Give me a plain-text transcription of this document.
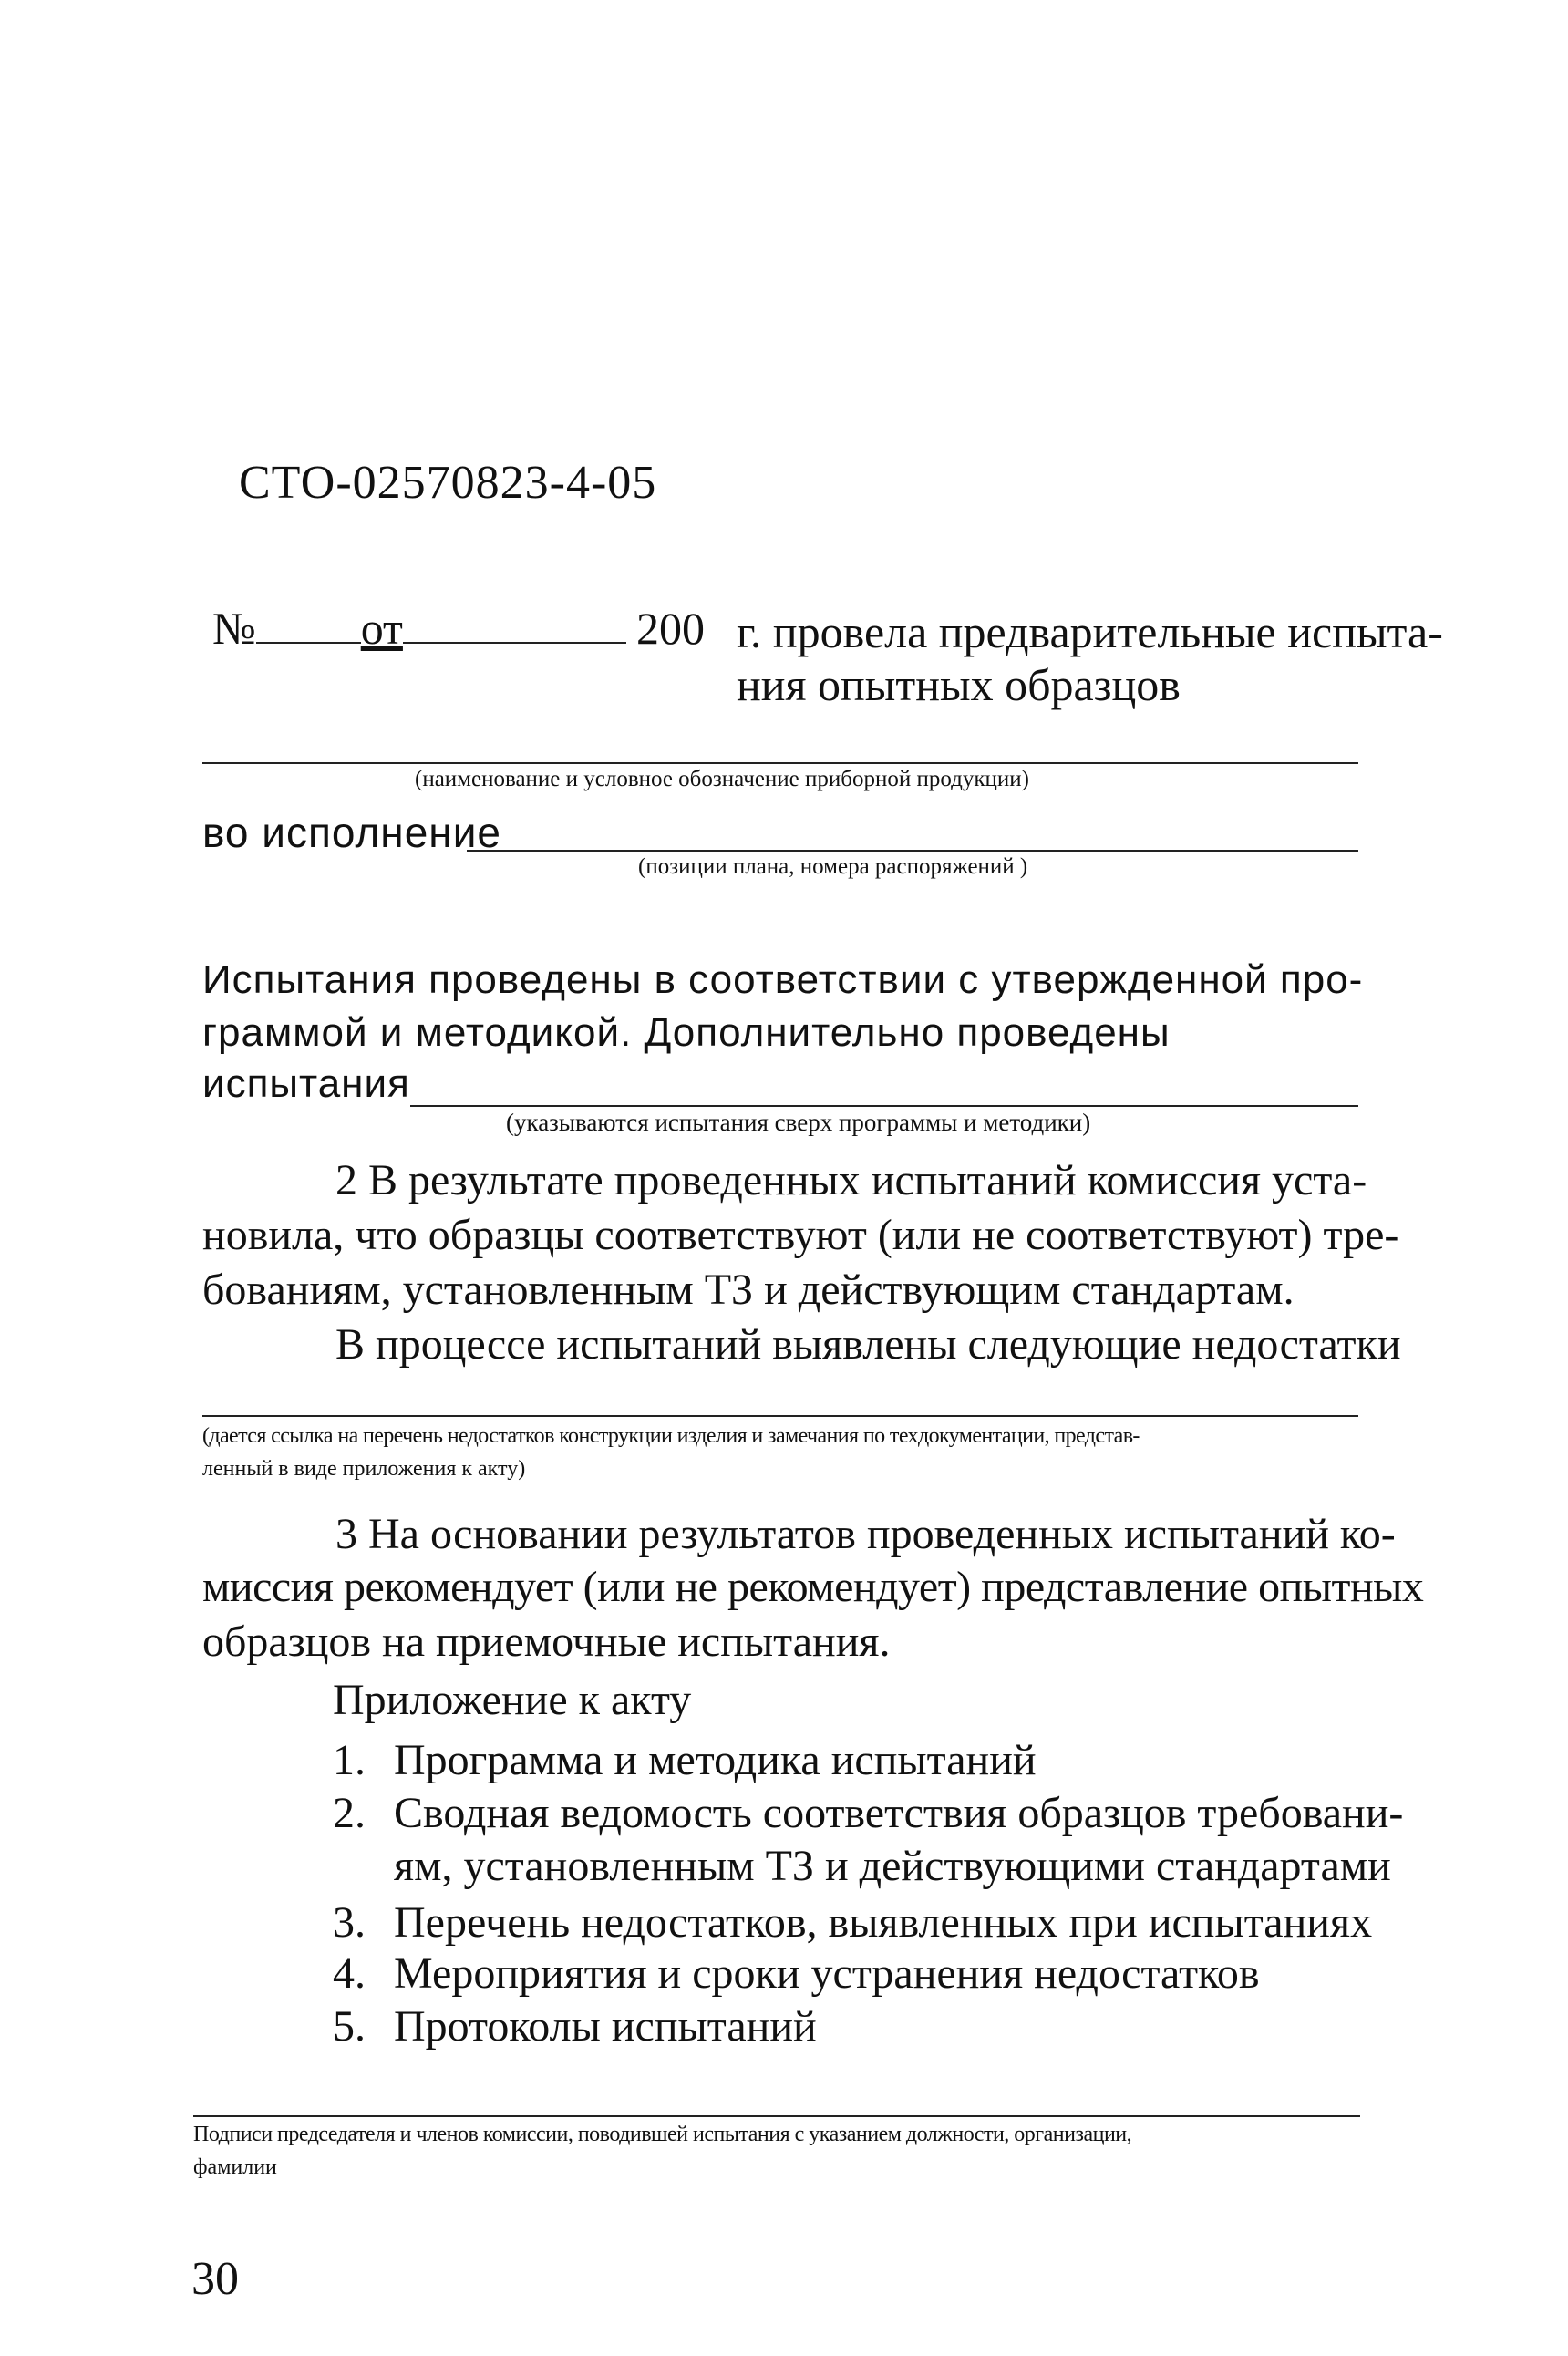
СТО-02570823-4-05
№ от	200 г. провела предварительные испыта-
ния опытных образцов
(наименование и условное обозначение приборной продукции)
во исполнение
(позиции плана, номера распоряжений )
Испытания проведены в соответствии с утвержденной про-
граммой и методикой. Дополнительно проведены
испытания
(указываются испытания сверх программы и методики)
2 В результате проведенных испытаний комиссия уста-
новила, что образцы соответствуют (или не соответствуют) тре-
бованиям, установленным ТЗ и действующим стандартам.
В процессе испытаний выявлены следующие недостатки
(дается ссылка на перечень недостатков конструкции изделия и замечания по техдокументации, представ-
ленный в виде приложения к акту)
3 На основании результатов проведенных испытаний ко-
миссия рекомендует (или не рекомендует) представление опытных
образцов на приемочные испытания.
Приложение к акту
1. Программа и методика испытаний
2. Сводная ведомость соответствия образцов требовани-
ям, установленным ТЗ и действующими стандартами
3. Перечень недостатков, выявленных при испытаниях
4. Мероприятия и сроки устранения недостатков
5. Протоколы испытаний
Подписи председателя и членов комиссии, поводившей испытания с указанием должности, организации,
фамилии
30
